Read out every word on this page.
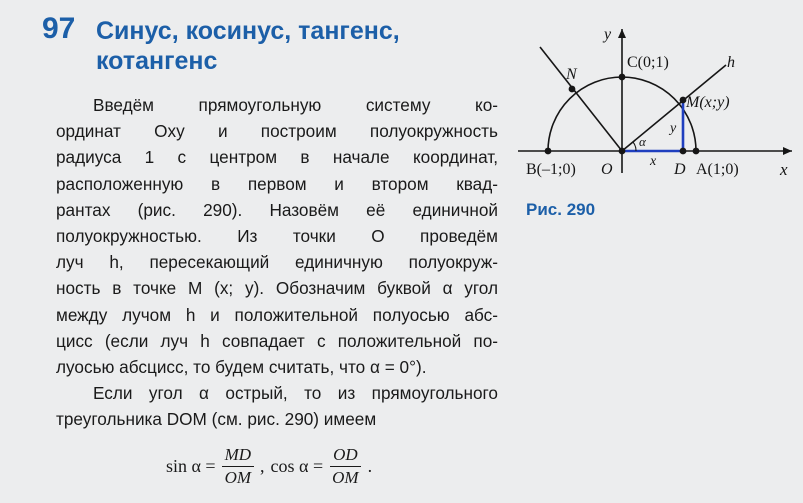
97 Синус, косинус, тангенс, котангенс
Введём прямоугольную систему ко-
ординат Oxy и построим полуокружность
радиуса 1 с центром в начале координат,
расположенную в первом и втором квад-
рантах (рис. 290). Назовём её единичной
полуокружностью. Из точки O проведём
луч h, пересекающий единичную полуокруж-
ность в точке M (x; y). Обозначим буквой α угол
между лучом h и положительной полуосью абс-
цисс (если луч h совпадает с положительной по-
луосью абсцисс, то будем считать, что α = 0°).
Если угол α острый, то из прямоугольного
треугольника DOM (см. рис. 290) имеем
x
y
C(0;1)
N
M(x;y)
h
B(–1;0) O	D A(1;0)
α
x
y
Рис. 290
$\sin \alpha = \frac{MD}{OM}$ , $\cos \alpha = \frac{OD}{OM}$ .
